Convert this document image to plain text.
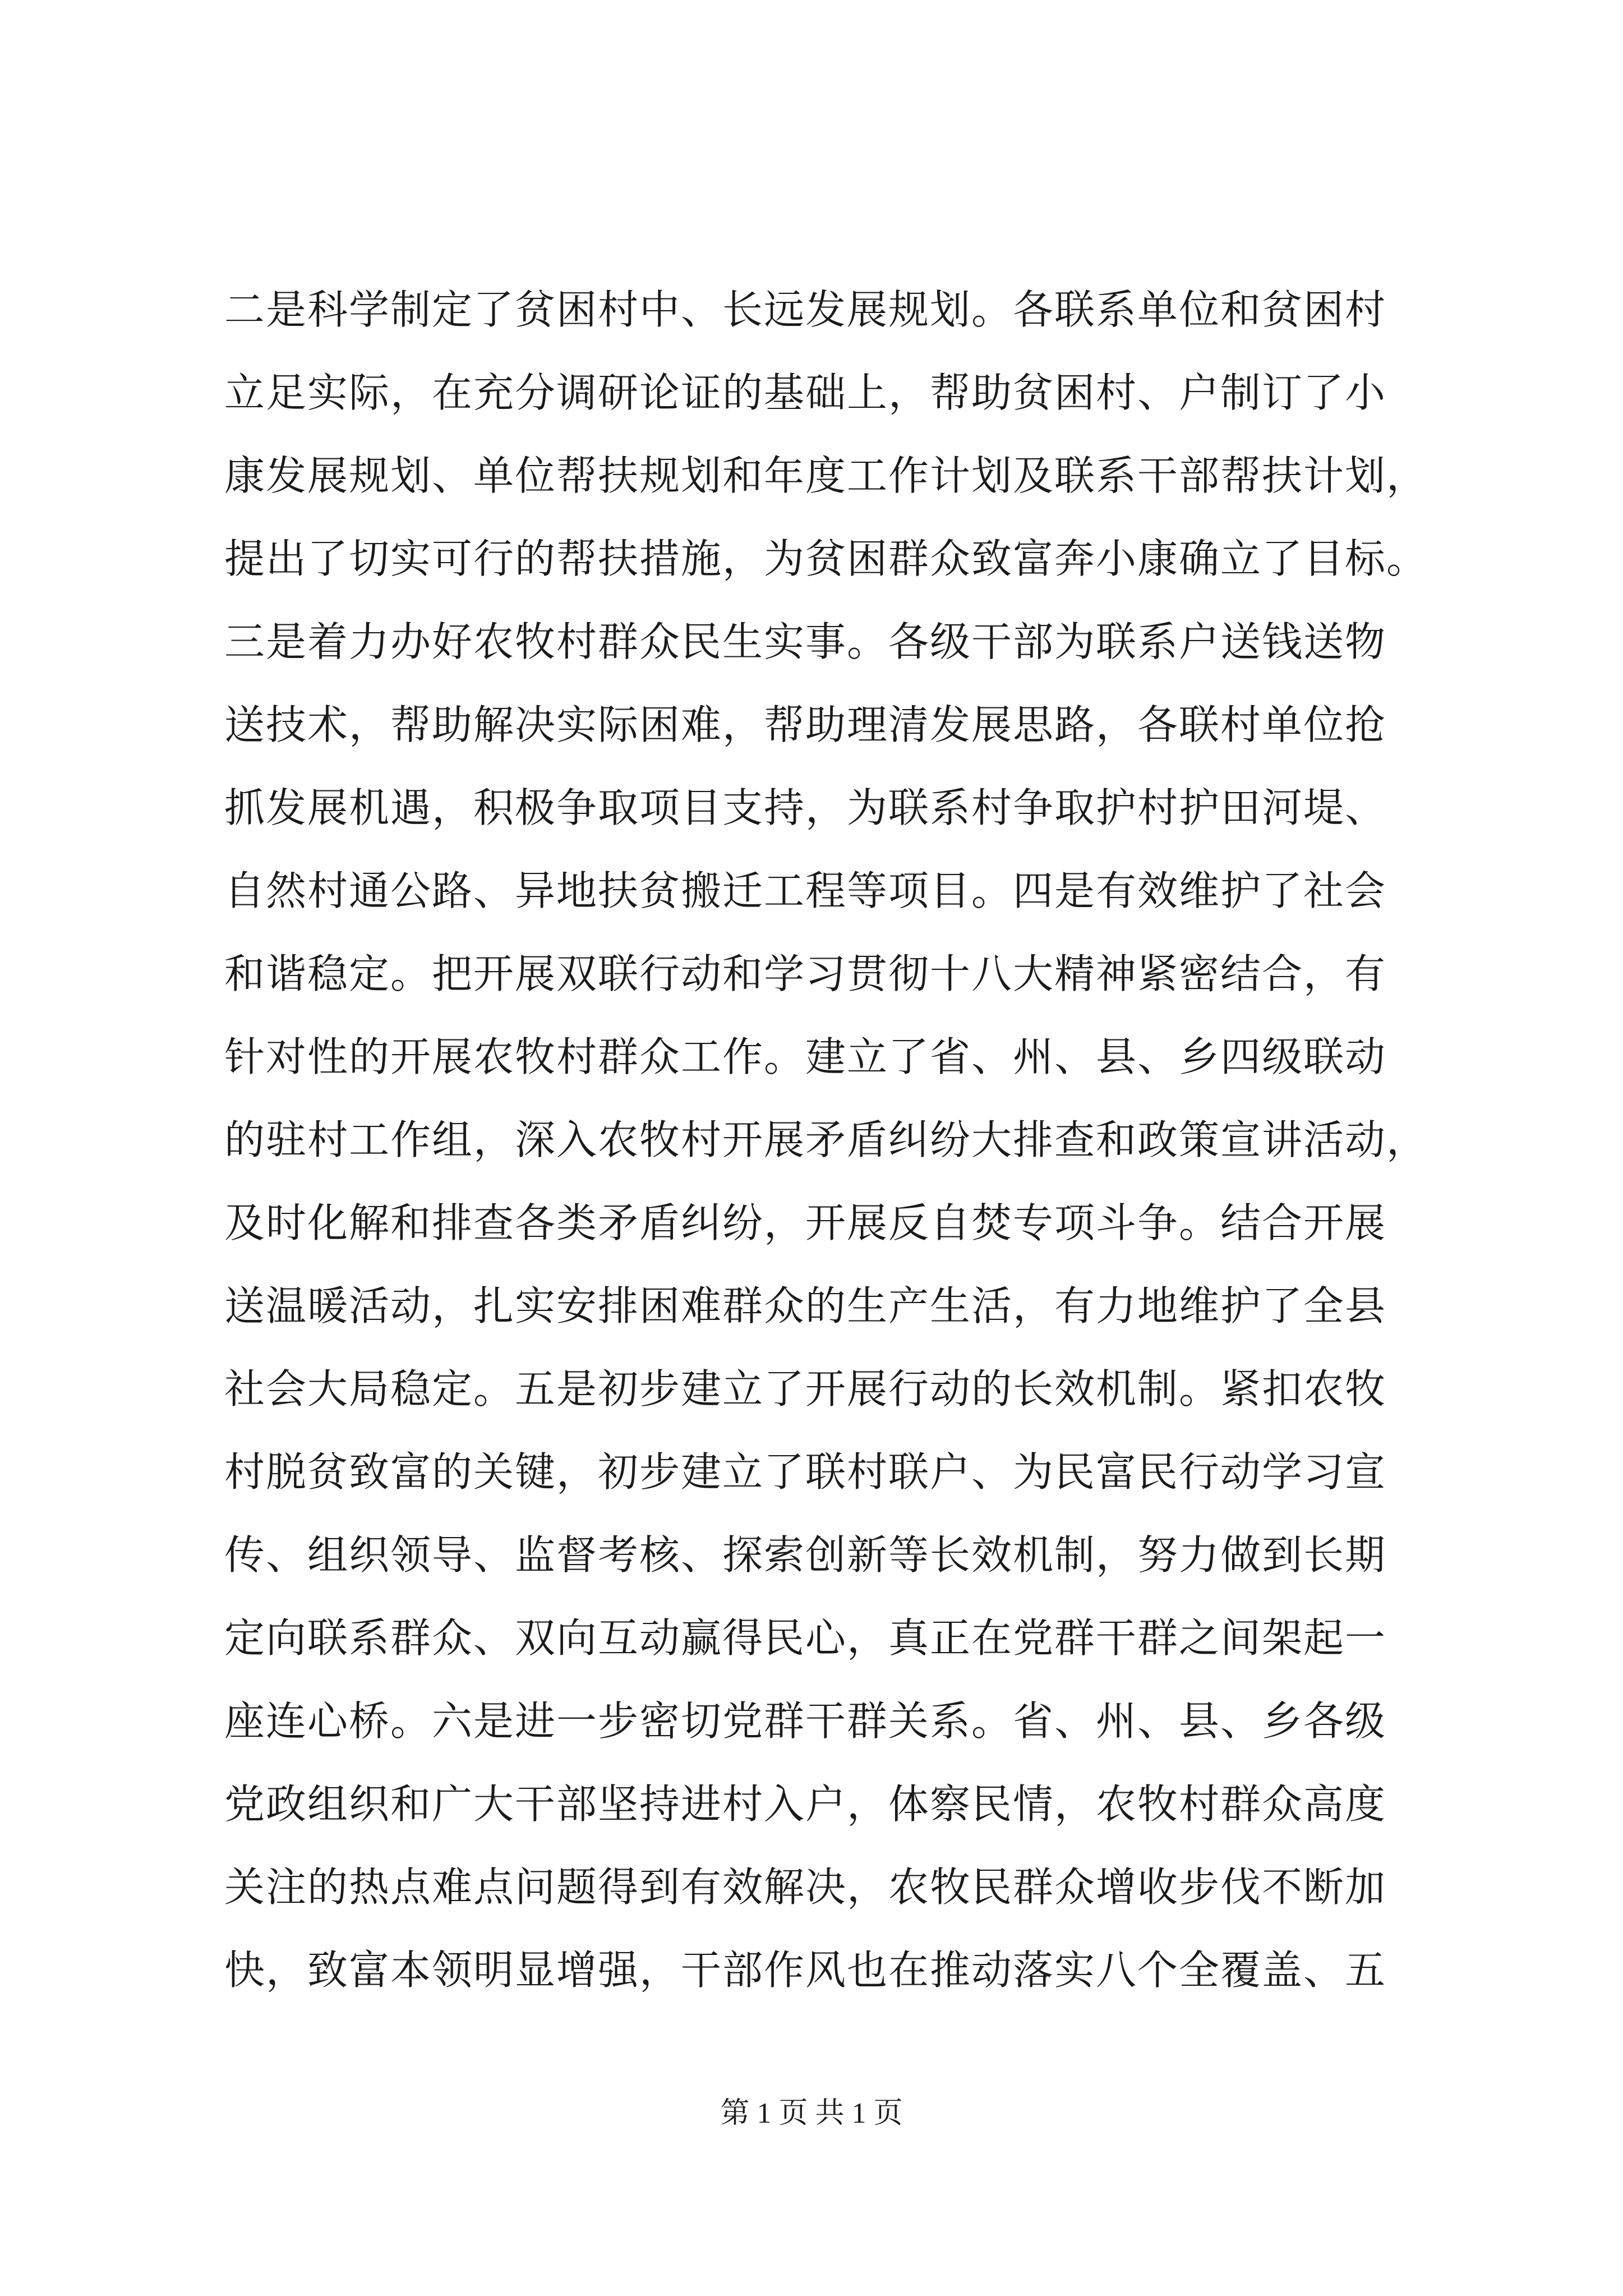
二是科学制定了贫困村中、长远发展规划。各联系单位和贫困村
立足实际，在充分调研论证的基础上，帮助贫困村、户制订了小
康发展规划、单位帮扶规划和年度工作计划及联系干部帮扶计划，
提出了切实可行的帮扶措施，为贫困群众致富奔小康确立了目标。
三是着力办好农牧村群众民生实事。各级干部为联系户送钱送物
送技术，帮助解决实际困难，帮助理清发展思路，各联村单位抢
抓发展机遇，积极争取项目支持，为联系村争取护村护田河堤、
自然村通公路、异地扶贫搬迁工程等项目。四是有效维护了社会
和谐稳定。把开展双联行动和学习贯彻十八大精神紧密结合，有
针对性的开展农牧村群众工作。建立了省、州、县、乡四级联动
的驻村工作组，深入农牧村开展矛盾纠纷大排查和政策宣讲活动，
及时化解和排查各类矛盾纠纷，开展反自焚专项斗争。结合开展
送温暖活动，扎实安排困难群众的生产生活，有力地维护了全县
社会大局稳定。五是初步建立了开展行动的长效机制。紧扣农牧
村脱贫致富的关键，初步建立了联村联户、为民富民行动学习宣
传、组织领导、监督考核、探索创新等长效机制，努力做到长期
定向联系群众、双向互动赢得民心，真正在党群干群之间架起一
座连心桥。六是进一步密切党群干群关系。省、州、县、乡各级
党政组织和广大干部坚持进村入户，体察民情，农牧村群众高度
关注的热点难点问题得到有效解决，农牧民群众增收步伐不断加
快，致富本领明显增强，干部作风也在推动落实八个全覆盖、五
第 1 页 共 1 页
